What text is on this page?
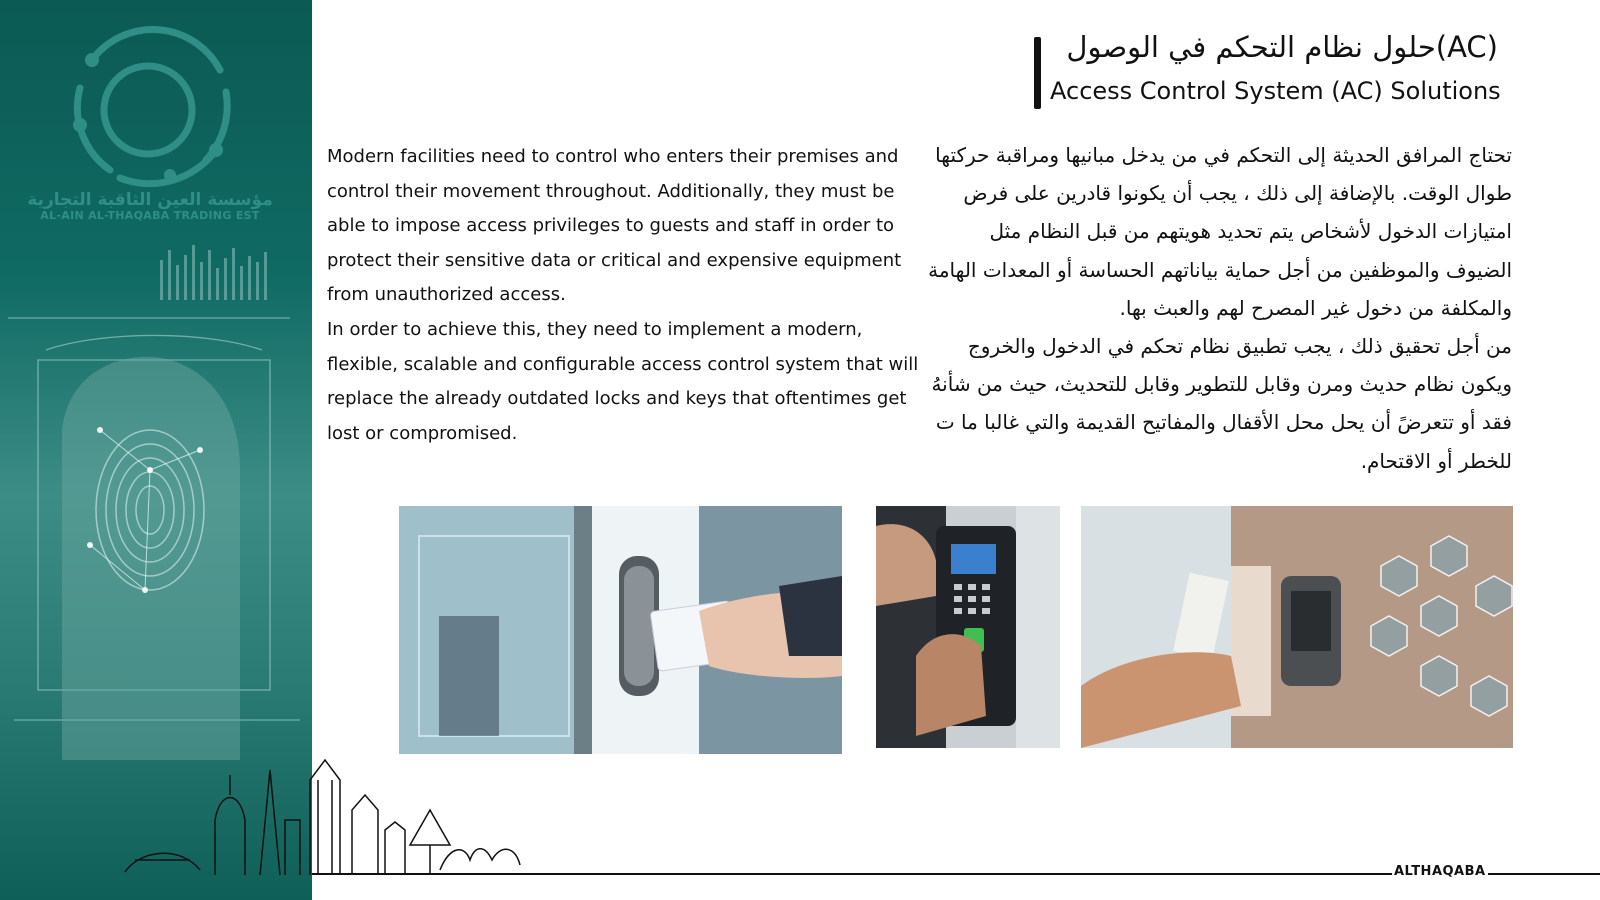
مؤسسة العين الثاقبة التجارية
AL-AIN AL-THAQABA TRADING EST
حلول نظام التحكم في الوصول(AC)
Access Control System (AC) Solutions

Modern facilities need to control who enters their premises and control their movement throughout. Additionally, they must be able to impose access privileges to guests and staff in order to protect their sensitive data or critical and expensive equipment from unauthorized access.

In order to achieve this, they need to implement a modern, flexible, scalable and configurable access control system that will replace the already outdated locks and keys that oftentimes get lost or compromised.

تحتاج المرافق الحديثة إلى التحكم في من يدخل مبانيها ومراقبة حركتها طوال الوقت. بالإضافة إلى ذلك ، يجب أن يكونوا قادرين على فرض امتيازات الدخول لأشخاص يتم تحديد هويتهم من قبل النظام مثل الضيوف والموظفين من أجل حماية بياناتهم الحساسة أو المعدات الهامة والمكلفة من دخول غير المصرح لهم والعبث بها.

من أجل تحقيق ذلك ، يجب تطبيق نظام تحكم في الدخول والخروج ويكون نظام حديث ومرن وقابل للتطوير وقابل للتحديث، حيث من شأنهُ فقد أو تتعرضً أن يحل محل الأقفال والمفاتيح القديمة والتي غالبا ما ت للخطر أو الاقتحام.

ALTHAQABA
